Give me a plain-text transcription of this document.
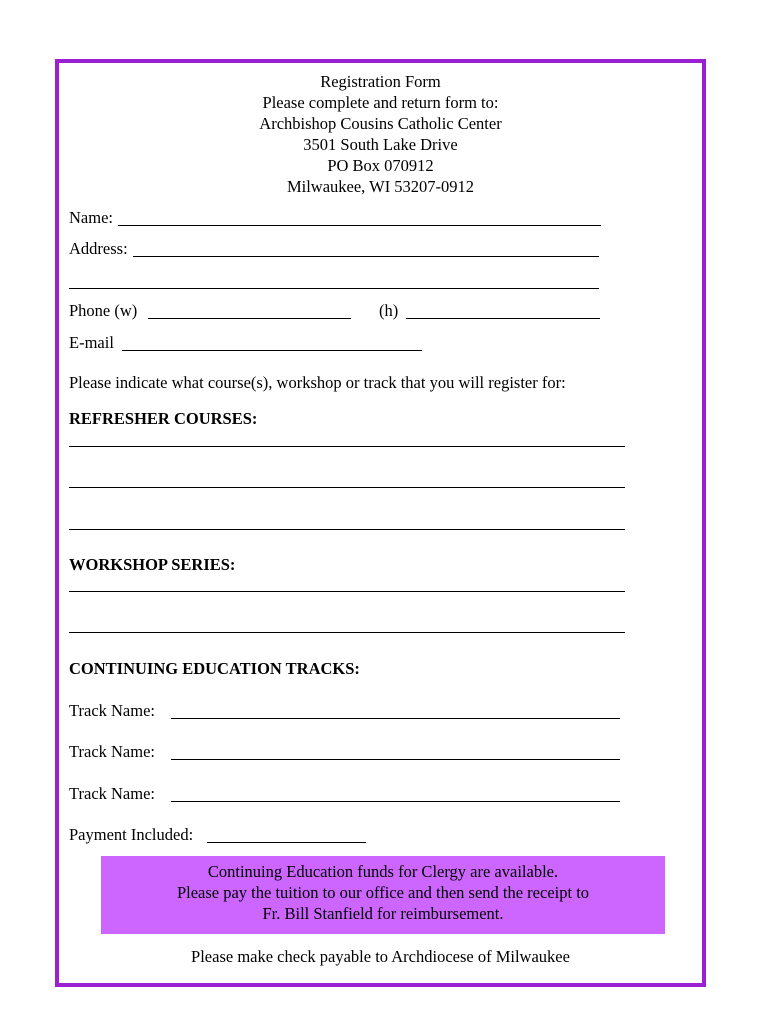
Registration Form
Please complete and return form to:
Archbishop Cousins Catholic Center
3501 South Lake Drive
PO Box 070912
Milwaukee, WI 53207-0912
Name:
Address:
Phone (w)	(h)
E-mail
Please indicate what course(s), workshop or track that you will register for:
REFRESHER COURSES:
WORKSHOP SERIES:
CONTINUING EDUCATION TRACKS:
Track Name:
Track Name:
Track Name:
Payment Included:
Continuing Education funds for Clergy are available.
Please pay the tuition to our office and then send the receipt to
Fr. Bill Stanfield for reimbursement.
Please make check payable to Archdiocese of Milwaukee
